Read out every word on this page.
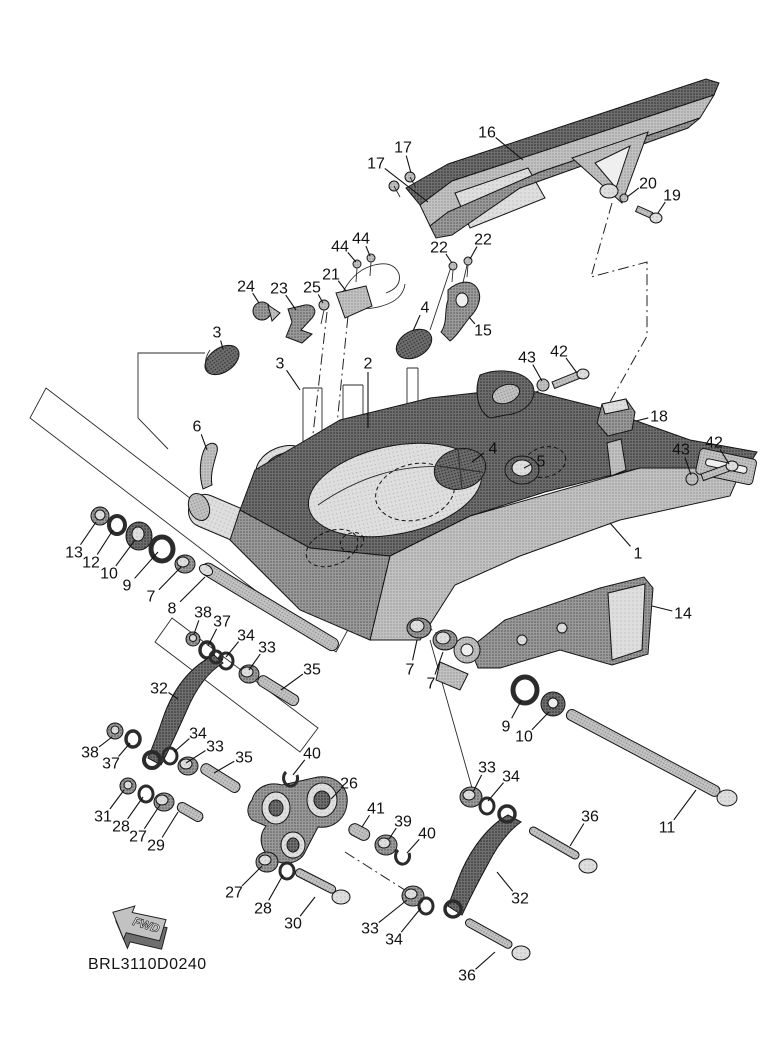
FWD
BRL3110D0240
16
17
17
20
19
44 44
22 22
21
24 23 25
3
4
15
3	2	43 42
18
6
4
5
43 42
1
14
13
12
10
9
7
8 38
37
34
33
35
32
7
7
9
10
11
38
37
34
33
35	40
26
41
39
40
31
28
27
29
27
28
30	33
34
33
34
36
32
36
